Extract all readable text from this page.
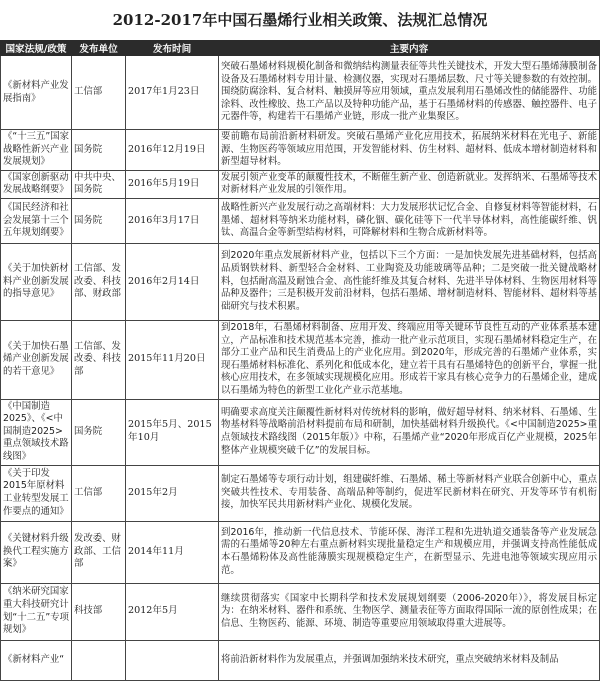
2012-2017年中国石墨烯行业相关政策、法规汇总情况
国家法规/政策	发布单位	发布时间	主要内容
《新材料产业发展指南》	工信部	2017年1月23日	突破石墨烯材料规模化制备和微纳结构测量表征等共性关键技术，开发大型石墨烯薄膜制备设备及石墨烯材料专用计量、检测仪器，实现对石墨烯层数、尺寸等关键参数的有效控制。围绕防腐涂料、复合材料、触摸屏等应用领域，重点发展利用石墨烯改性的储能器件、功能涂料、改性橡胶、热工产品以及特种功能产品，基于石墨烯材料的传感器、触控器件、电子元器件等，构建若干石墨烯产业链，形成一批产业集聚区。
《“十三五”国家战略性新兴产业发展规划》	国务院	2016年12月19日	要前瞻布局前沿新材料研发。突破石墨烯产业化应用技术，拓展纳米材料在光电子、新能源、生物医药等领域应用范围，开发智能材料、仿生材料、超材料、低成本增材制造材料和新型超导材料。
《国家创新驱动发展战略纲要》	中共中央、国务院	2016年5月19日	发展引领产业变革的颠覆性技术，不断催生新产业、创造新就业。发挥纳米、石墨烯等技术对新材料产业发展的引领作用。
《国民经济和社会发展第十三个五年规划纲要》	国务院	2016年3月17日	战略性新兴产业发展行动之高端材料：大力发展形状记忆合金、自修复材料等智能材料，石墨烯、超材料等纳米功能材料，磷化铟、碳化硅等下一代半导体材料，高性能碳纤维、钒钛、高温合金等新型结构材料，可降解材料和生物合成新材料等。
《关于加快新材料产业创新发展的指导意见》	工信部、发改委、科技部、财政部	2016年2月14日	到2020年重点发展新材料产业，包括以下三个方面：一是加快发展先进基础材料，包括高品质钢铁材料、新型轻合金材料、工业陶瓷及功能玻璃等品种；二是突破一批关键战略材料，包括耐高温及耐蚀合金、高性能纤维及其复合材料、先进半导体材料、生物医用材料等品种及器件；三是积极开发前沿材料，包括石墨烯、增材制造材料、智能材料、超材料等基础研究与技术积累。
《关于加快石墨烯产业创新发展的若干意见》	工信部、发改委、科技部	2015年11月20日	到2018年，石墨烯材料制备、应用开发、终端应用等关键环节良性互动的产业体系基本建立，产品标准和技术规范基本完善，推动一批产业示范项目，实现石墨烯材料稳定生产，在部分工业产品和民生消费品上的产业化应用。到2020年，形成完善的石墨烯产业体系，实现石墨烯材料标准化、系列化和低成本化，建立若干具有石墨烯特色的创新平台，掌握一批核心应用技术，在多领域实现规模化应用。形成若干家具有核心竞争力的石墨烯企业，建成以石墨烯为特色的新型工业化产业示范基地。
《中国制造2025》、《<中国制造2025>重点领域技术路线图》	国务院	2015年5月、2015年10月	明确要求高度关注颠覆性新材料对传统材料的影响，做好超导材料、纳米材料、石墨烯、生物基材料等战略前沿材料提前布局和研制，加快基础材料升级换代。《<中国制造2025>重点领域技术路线图（2015年版）》中称，石墨烯产业“2020年形成百亿产业规模，2025年整体产业规模突破千亿”的发展目标。
《关于印发2015年原材料工业转型发展工作要点的通知》	工信部	2015年2月	制定石墨烯等专项行动计划，组建碳纤维、石墨烯、稀土等新材料产业联合创新中心，重点突破共性技术、专用装备、高端品种等制约，促进军民新材料在研究、开发等环节有机衔接，加快军民共用新材料产业化、规模化发展。
《关键材料升级换代工程实施方案》	发改委、财政部、工信部	2014年11月	到2016年，推动新一代信息技术、节能环保、海洋工程和先进轨道交通装备等产业发展急需的石墨烯等20种左右重点新材料实现批量稳定生产和规模应用，并强调支持高性能低成本石墨烯粉体及高性能薄膜实现规模稳定生产，在新型显示、先进电池等领域实现应用示范。
《纳米研究国家重大科技研究计划“十二五”专项规划》	科技部	2012年5月	继续贯彻落实《国家中长期科学和技术发展规划纲要（2006-2020年）》，将发展目标定为：在纳米材料、器件和系统、生物医学、测量表征等方面取得国际一流的原创性成果；在信息、生物医药、能源、环境、制造等重要应用领域取得重大进展等。
《新材料产业“			将前沿新材料作为发展重点，并强调加强纳米技术研究，重点突破纳米材料及制品
